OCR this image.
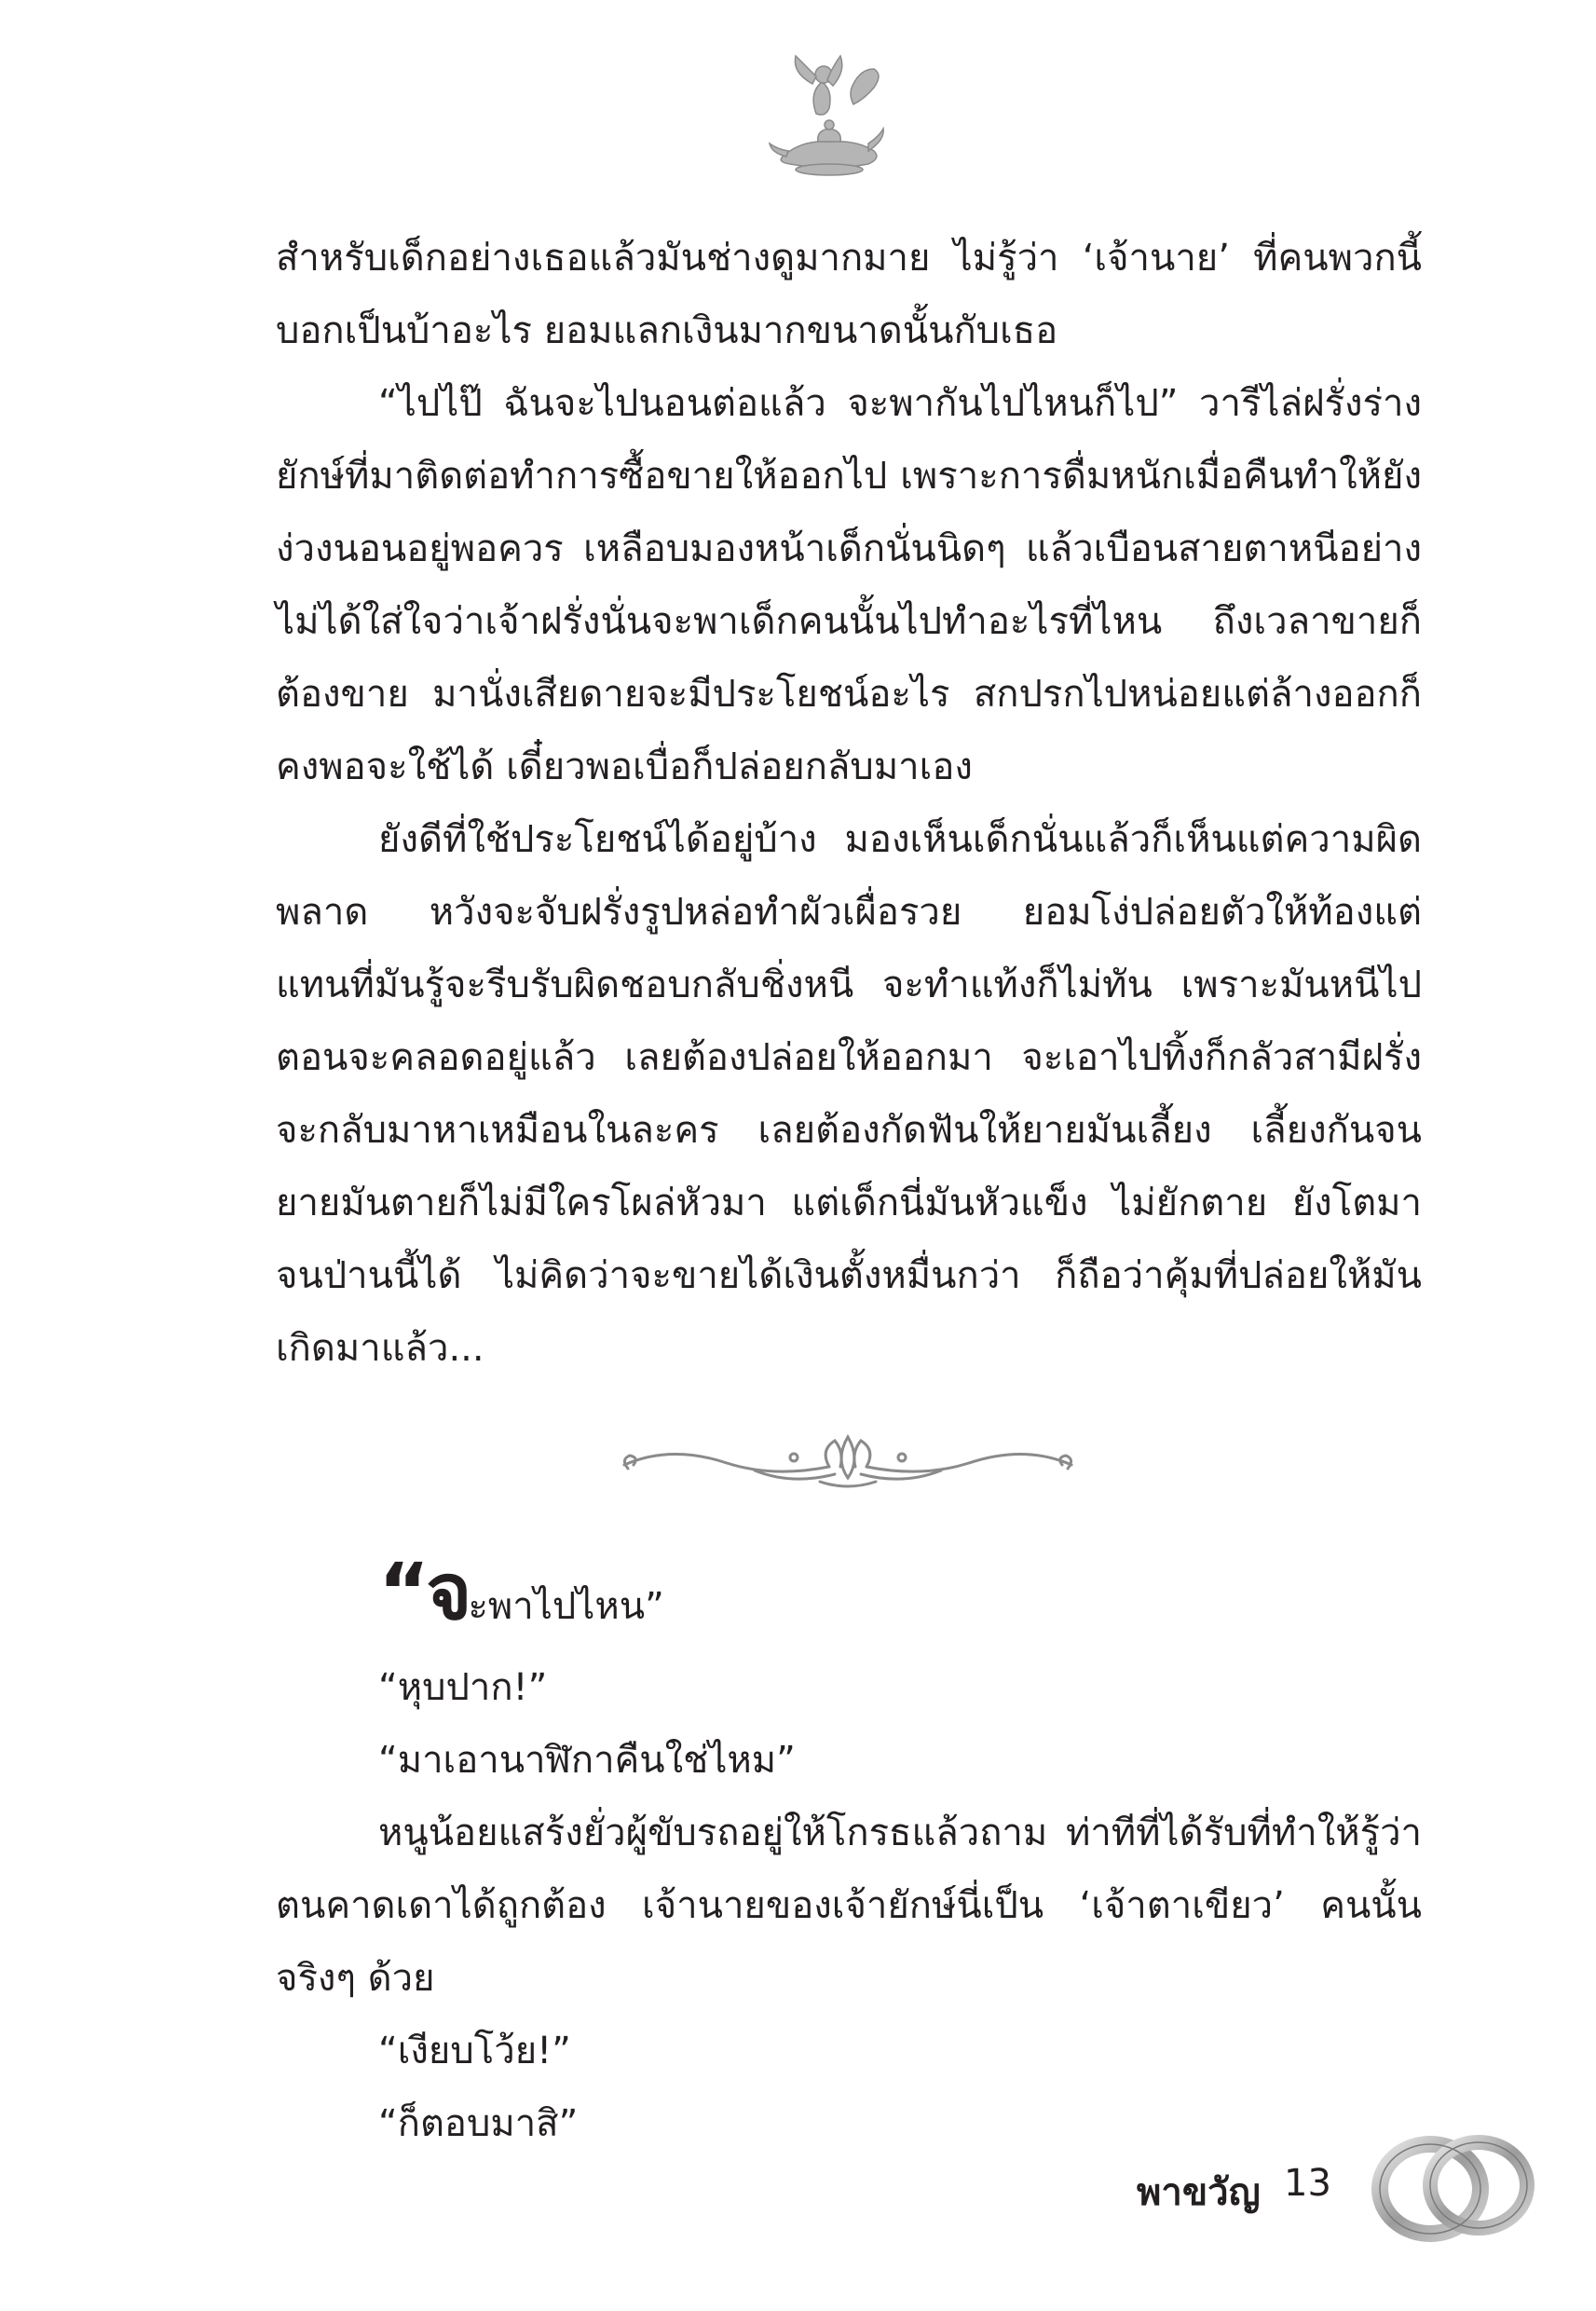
สำหรับเด็กอย่างเธอแล้วมันช่างดูมากมาย ไม่รู้ว่า ‘เจ้านาย’ ที่คนพวกนี้บอกเป็นบ้าอะไร ยอมแลกเงินมากขนาดนั้นกับเธอ

“ไปไป๊ ฉันจะไปนอนต่อแล้ว จะพากันไปไหนก็ไป” วารีไล่ฝรั่งร่างยักษ์ที่มาติดต่อทำการซื้อขายให้ออกไป เพราะการดื่มหนักเมื่อคืนทำให้ยังง่วงนอนอยู่พอควร เหลือบมองหน้าเด็กนั่นนิดๆ แล้วเบือนสายตาหนีอย่างไม่ได้ใส่ใจว่าเจ้าฝรั่งนั่นจะพาเด็กคนนั้นไปทำอะไรที่ไหน ถึงเวลาขายก็ต้องขาย มานั่งเสียดายจะมีประโยชน์อะไร สกปรกไปหน่อยแต่ล้างออกก็คงพอจะใช้ได้ เดี๋ยวพอเบื่อก็ปล่อยกลับมาเอง

ยังดีที่ใช้ประโยชน์ได้อยู่บ้าง มองเห็นเด็กนั่นแล้วก็เห็นแต่ความผิดพลาด หวังจะจับฝรั่งรูปหล่อทำผัวเผื่อรวย ยอมโง่ปล่อยตัวให้ท้องแต่แทนที่มันรู้จะรีบรับผิดชอบกลับชิ่งหนี จะทำแท้งก็ไม่ทัน เพราะมันหนีไปตอนจะคลอดอยู่แล้ว เลยต้องปล่อยให้ออกมา จะเอาไปทิ้งก็กลัวสามีฝรั่งจะกลับมาหาเหมือนในละคร เลยต้องกัดฟันให้ยายมันเลี้ยง เลี้ยงกันจนยายมันตายก็ไม่มีใครโผล่หัวมา แต่เด็กนี่มันหัวแข็ง ไม่ยักตาย ยังโตมาจนป่านนี้ได้ ไม่คิดว่าจะขายได้เงินตั้งหมื่นกว่า ก็ถือว่าคุ้มที่ปล่อยให้มันเกิดมาแล้ว...

“จะพาไปไหน”

“หุบปาก!”

“มาเอานาฬิกาคืนใช่ไหม”

หนูน้อยแสร้งยั่วผู้ขับรถอยู่ให้โกรธแล้วถาม ท่าทีที่ได้รับที่ทำให้รู้ว่าตนคาดเดาได้ถูกต้อง เจ้านายของเจ้ายักษ์นี่เป็น ‘เจ้าตาเขียว’ คนนั้นจริงๆ ด้วย

“เงียบโว้ย!”

“ก็ตอบมาสิ”

พาขวัญ 13
